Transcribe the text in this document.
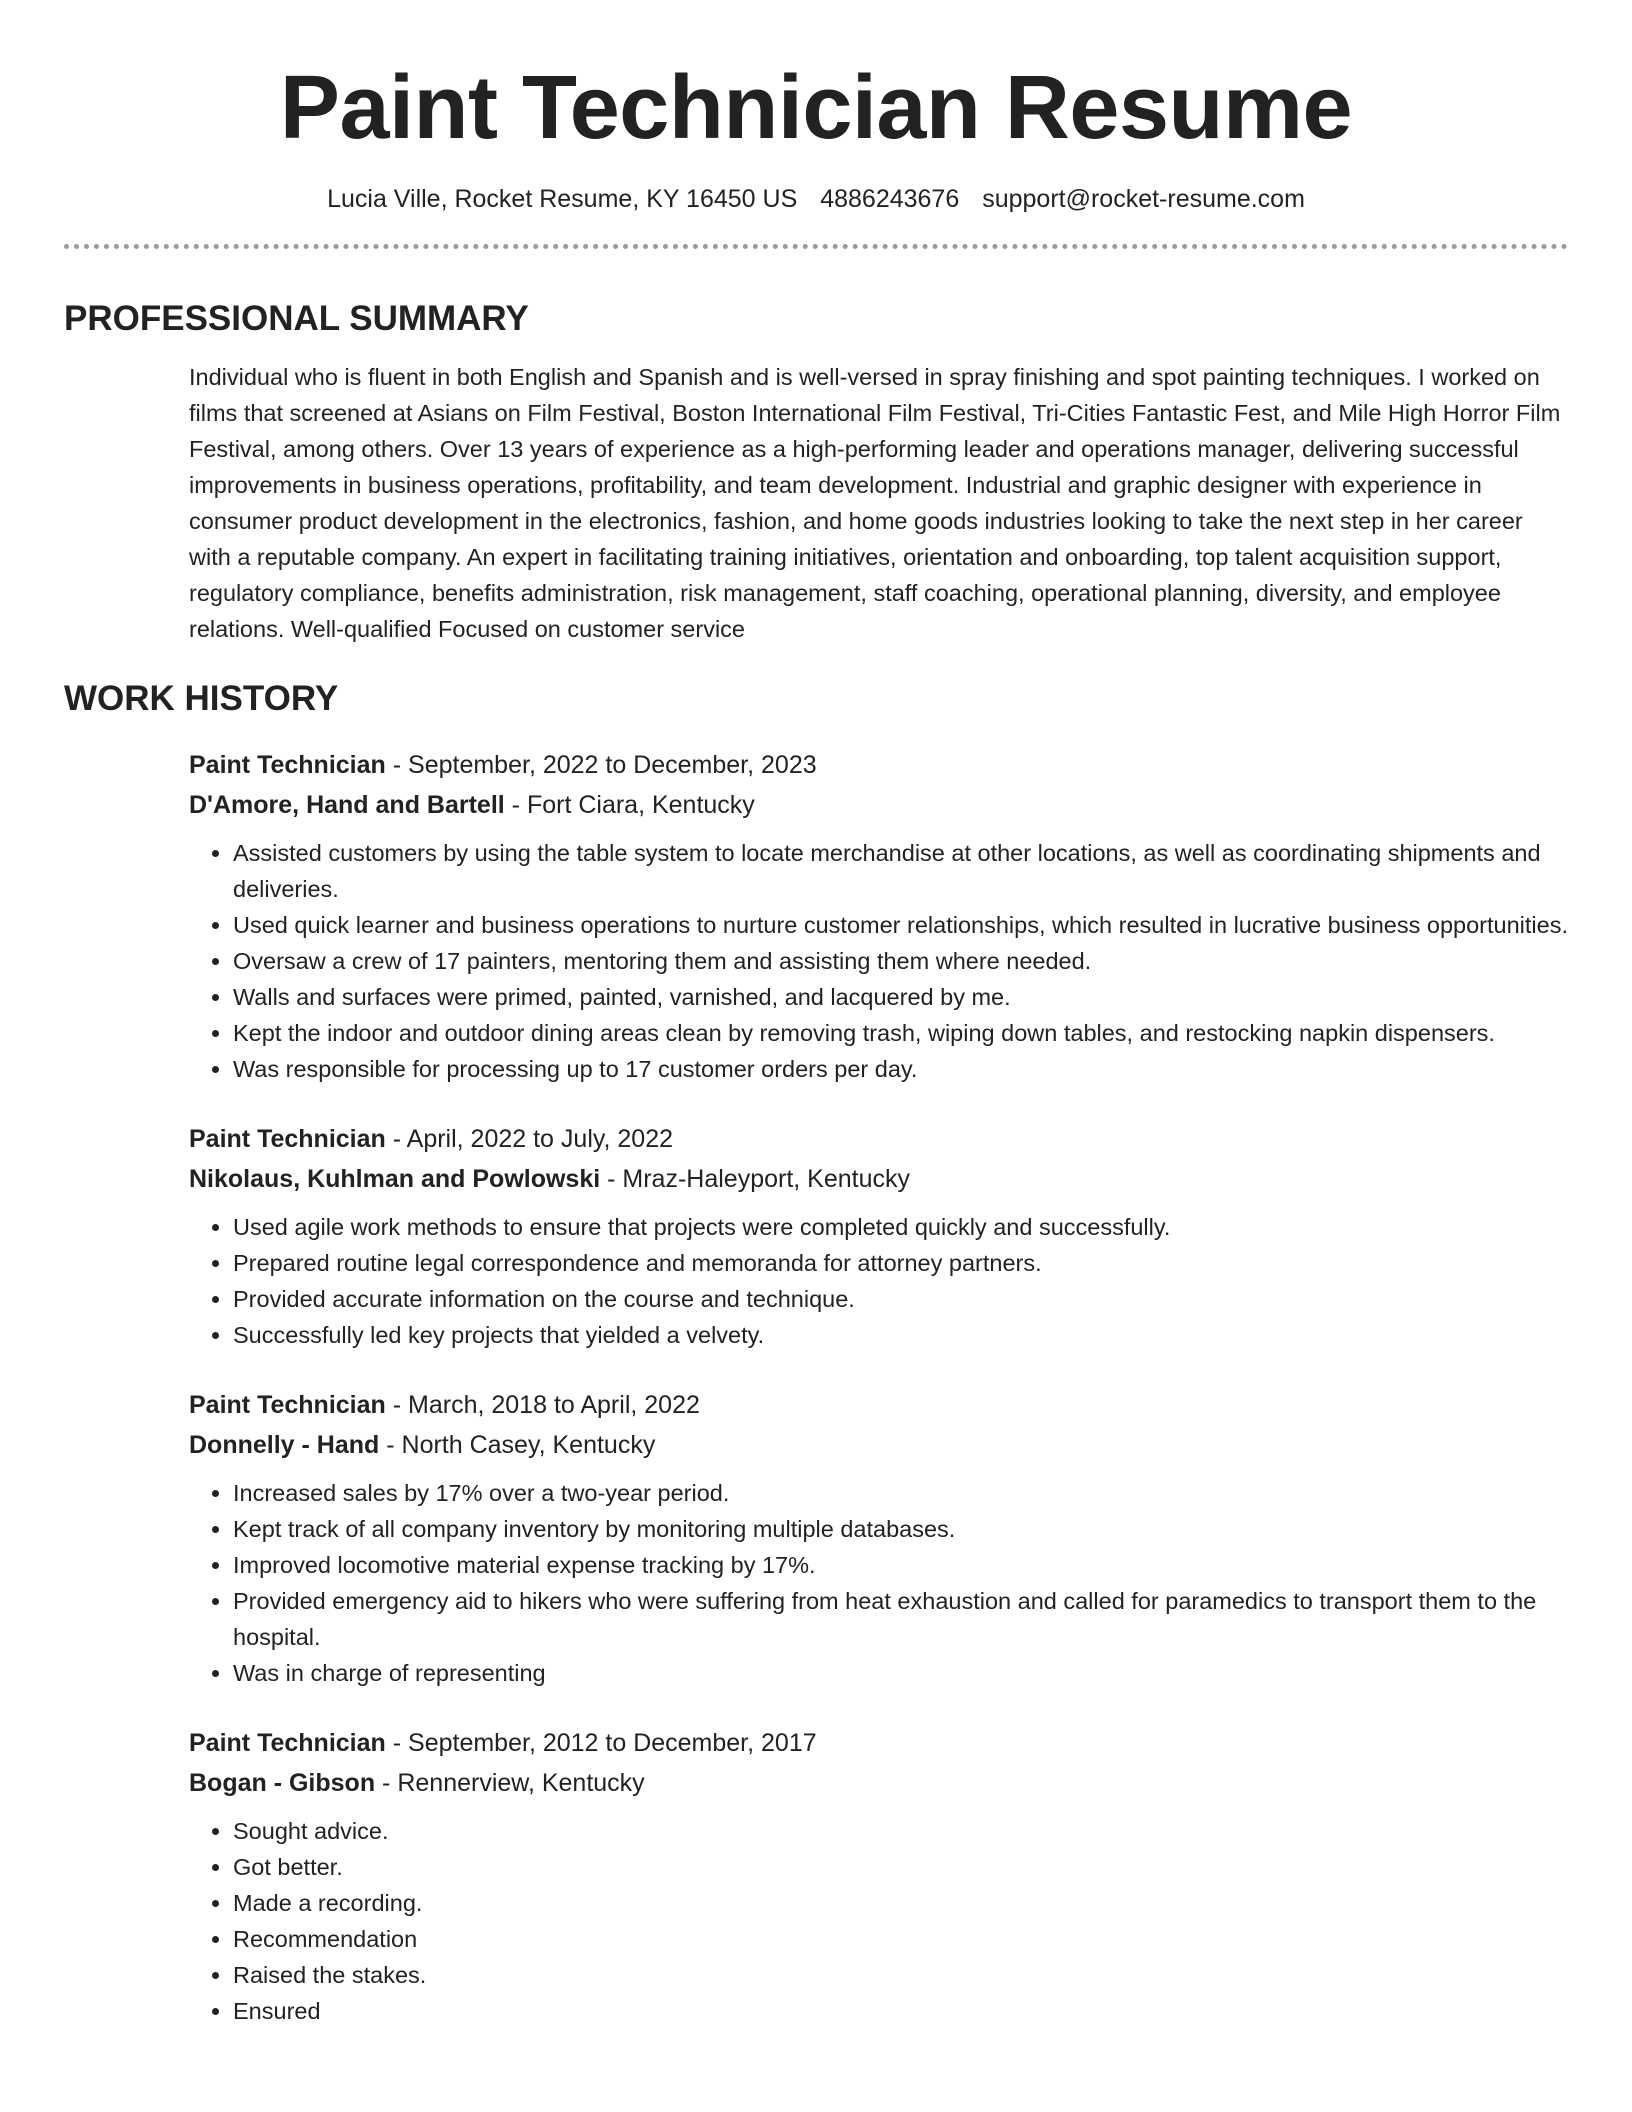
Paint Technician Resume
Lucia Ville, Rocket Resume, KY 16450 US 4886243676 support@rocket-resume.com
PROFESSIONAL SUMMARY

Individual who is fluent in both English and Spanish and is well-versed in spray finishing and spot painting techniques. I worked on films that screened at Asians on Film Festival, Boston International Film Festival, Tri-Cities Fantastic Fest, and Mile High Horror Film Festival, among others. Over 13 years of experience as a high-performing leader and operations manager, delivering successful improvements in business operations, profitability, and team development. Industrial and graphic designer with experience in consumer product development in the electronics, fashion, and home goods industries looking to take the next step in her career with a reputable company. An expert in facilitating training initiatives, orientation and onboarding, top talent acquisition support, regulatory compliance, benefits administration, risk management, staff coaching, operational planning, diversity, and employee relations. Well-qualified Focused on customer service

WORK HISTORY
Paint Technician - September, 2022 to December, 2023
D'Amore, Hand and Bartell - Fort Ciara, Kentucky
• Assisted customers by using the table system to locate merchandise at other locations, as well as coordinating shipments and deliveries.
• Used quick learner and business operations to nurture customer relationships, which resulted in lucrative business opportunities.
• Oversaw a crew of 17 painters, mentoring them and assisting them where needed.
• Walls and surfaces were primed, painted, varnished, and lacquered by me.
• Kept the indoor and outdoor dining areas clean by removing trash, wiping down tables, and restocking napkin dispensers.
• Was responsible for processing up to 17 customer orders per day.
Paint Technician - April, 2022 to July, 2022
Nikolaus, Kuhlman and Powlowski - Mraz-Haleyport, Kentucky
• Used agile work methods to ensure that projects were completed quickly and successfully.
• Prepared routine legal correspondence and memoranda for attorney partners.
• Provided accurate information on the course and technique.
• Successfully led key projects that yielded a velvety.
Paint Technician - March, 2018 to April, 2022
Donnelly - Hand - North Casey, Kentucky
• Increased sales by 17% over a two-year period.
• Kept track of all company inventory by monitoring multiple databases.
• Improved locomotive material expense tracking by 17%.
• Provided emergency aid to hikers who were suffering from heat exhaustion and called for paramedics to transport them to the hospital.
• Was in charge of representing
Paint Technician - September, 2012 to December, 2017
Bogan - Gibson - Rennerview, Kentucky
• Sought advice.
• Got better.
• Made a recording.
• Recommendation
• Raised the stakes.
• Ensured
